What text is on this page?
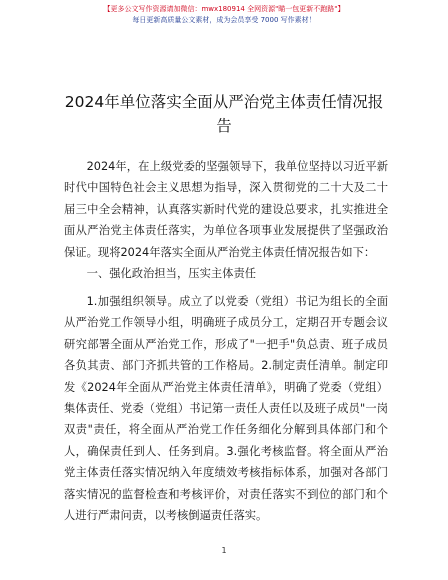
【更多公文写作资源请加微信：mwx180914 全网资源"瞄一包更新不跑路"】
每日更新高质量公文素材，成为会员享受 7000 写作素材！
2024年单位落实全面从严治党主体责任情况报告

2024年，在上级党委的坚强领导下，我单位坚持以习近平新时代中国特色社会主义思想为指导，深入贯彻党的二十大及二十届三中全会精神，认真落实新时代党的建设总要求，扎实推进全面从严治党主体责任落实，为单位各项事业发展提供了坚强政治保证。现将2024年落实全面从严治党主体责任情况报告如下：

一、强化政治担当，压实主体责任

1.加强组织领导。成立了以党委（党组）书记为组长的全面从严治党工作领导小组，明确班子成员分工，定期召开专题会议研究部署全面从严治党工作，形成了"一把手"负总责、班子成员各负其责、部门齐抓共管的工作格局。2.制定责任清单。制定印发《2024年全面从严治党主体责任清单》，明确了党委（党组）集体责任、党委（党组）书记第一责任人责任以及班子成员"一岗双责"责任，将全面从严治党工作任务细化分解到具体部门和个人，确保责任到人、任务到肩。3.强化考核监督。将全面从严治党主体责任落实情况纳入年度绩效考核指标体系，加强对各部门落实情况的监督检查和考核评价，对责任落实不到位的部门和个人进行严肃问责，以考核倒逼责任落实。

1
